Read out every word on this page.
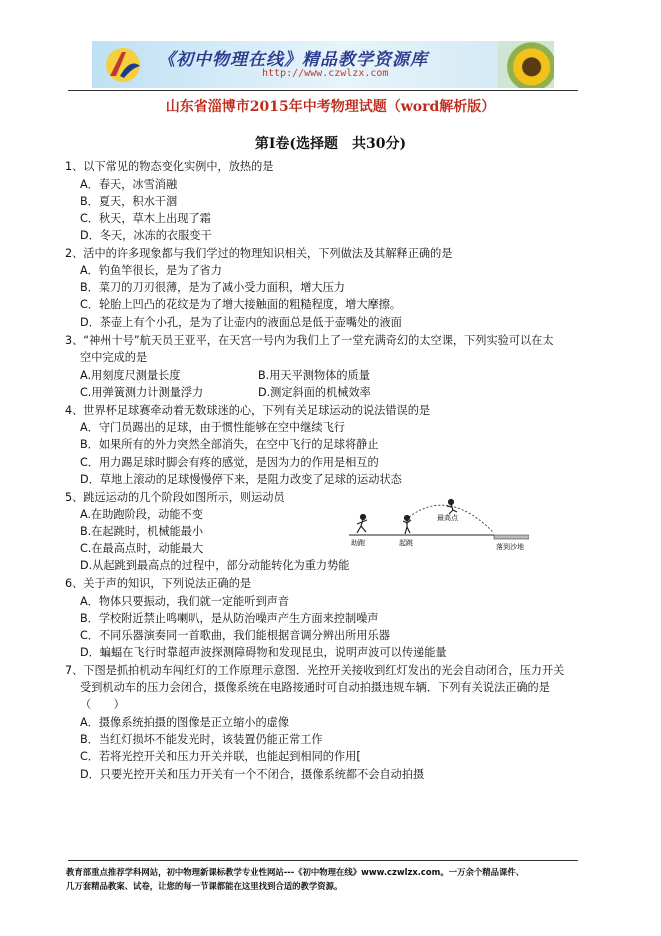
《初中物理在线》精品教学资源库
http://www.czwlzx.com
山东省淄博市2015年中考物理试题（word解析版）
第Ⅰ卷(选择题　共30分)
1、以下常见的物态变化实例中，放热的是
A．春天，冰雪消融
B．夏天，积水干涸
C．秋天，草木上出现了霜
D．冬天，冰冻的衣服变干
2、活中的许多现象都与我们学过的物理知识相关，下列做法及其解释正确的是
A．钓鱼竿很长，是为了省力
B．菜刀的刀刃很薄，是为了减小受力面积，增大压力
C．轮胎上凹凸的花纹是为了增大接触面的粗糙程度，增大摩擦。
D．茶壶上有个小孔，是为了让壶内的液面总是低于壶嘴处的液面
3、“神州十号”航天员王亚平，在天宫一号内为我们上了一堂充满奇幻的太空课，下列实验可以在太
空中完成的是
A.用刻度尺测量长度	B.用天平测物体的质量
C.用弹簧测力计测量浮力	D.测定斜面的机械效率
4、世界杯足球赛牵动着无数球迷的心，下列有关足球运动的说法错误的是
A．守门员踢出的足球，由于惯性能够在空中继续飞行
B．如果所有的外力突然全部消失，在空中飞行的足球将静止
C．用力踢足球时脚会有疼的感觉，是因为力的作用是相互的
D．草地上滚动的足球慢慢停下来，是阻力改变了足球的运动状态
5、跳远运动的几个阶段如图所示，则运动员
A.在助跑阶段，动能不变
B.在起跳时，机械能最小
C.在最高点时，动能最大
D.从起跳到最高点的过程中，部分动能转化为重力势能
助跑	起跳
最高点
落到沙地
6、关于声的知识，下列说法正确的是
A．物体只要振动，我们就一定能听到声音
B．学校附近禁止鸣喇叭，是从防治噪声产生方面来控制噪声
C．不同乐器演奏同一首歌曲，我们能根据音调分辨出所用乐器
D．蝙蝠在飞行时靠超声波探测障碍物和发现昆虫，说明声波可以传递能量
7、下图是抓拍机动车闯红灯的工作原理示意图．光控开关接收到红灯发出的光会自动闭合，压力开关
受到机动车的压力会闭合，摄像系统在电路接通时可自动拍摄违规车辆．下列有关说法正确的是
（　　）
A．摄像系统拍摄的图像是正立缩小的虚像
B．当红灯损坏不能发光时，该装置仍能正常工作
C．若将光控开关和压力开关并联，也能起到相同的作用[
D．只要光控开关和压力开关有一个不闭合，摄像系统都不会自动拍摄
教育部重点推荐学科网站，初中物理新课标教学专业性网站---《初中物理在线》www.czwlzx.com。一万余个精品课件、
几万套精品教案、试卷，让您的每一节课都能在这里找到合适的教学资源。
